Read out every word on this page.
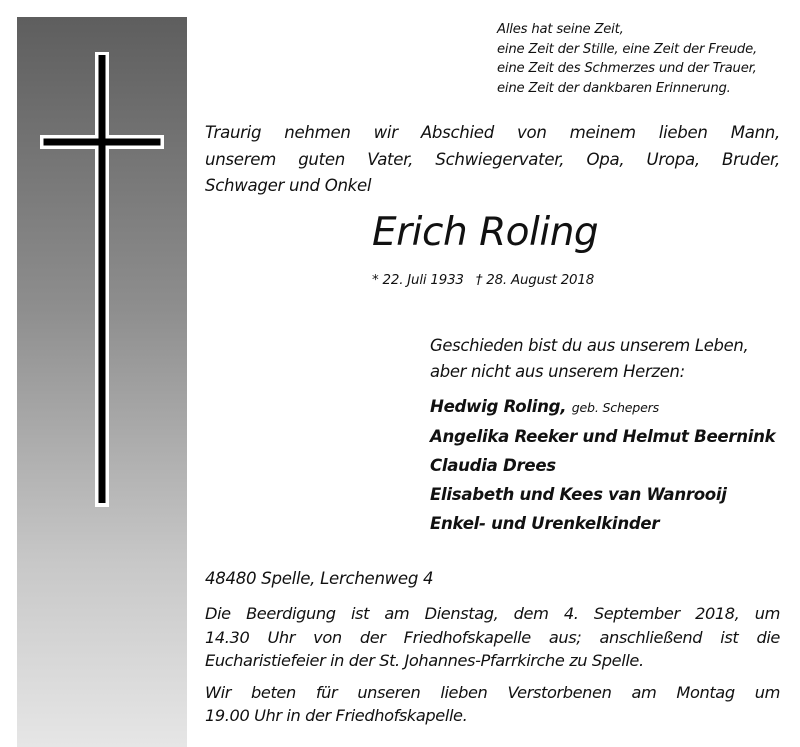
Alles hat seine Zeit,
eine Zeit der Stille, eine Zeit der Freude,
eine Zeit des Schmerzes und der Trauer,
eine Zeit der dankbaren Erinnerung.
Traurig nehmen wir Abschied von meinem lieben Mann,
unserem guten Vater, Schwiegervater, Opa, Uropa, Bruder,
Schwager und Onkel
Erich Roling
* 22. Juli 1933 † 28. August 2018
Geschieden bist du aus unserem Leben,
aber nicht aus unserem Herzen:
Hedwig Roling, geb. Schepers
Angelika Reeker und Helmut Beernink
Claudia Drees
Elisabeth und Kees van Wanrooij
Enkel- und Urenkelkinder
48480 Spelle, Lerchenweg 4
Die Beerdigung ist am Dienstag, dem 4. September 2018, um
14.30 Uhr von der Friedhofskapelle aus; anschließend ist die
Eucharistiefeier in der St. Johannes-Pfarrkirche zu Spelle.
Wir beten für unseren lieben Verstorbenen am Montag um
19.00 Uhr in der Friedhofskapelle.
